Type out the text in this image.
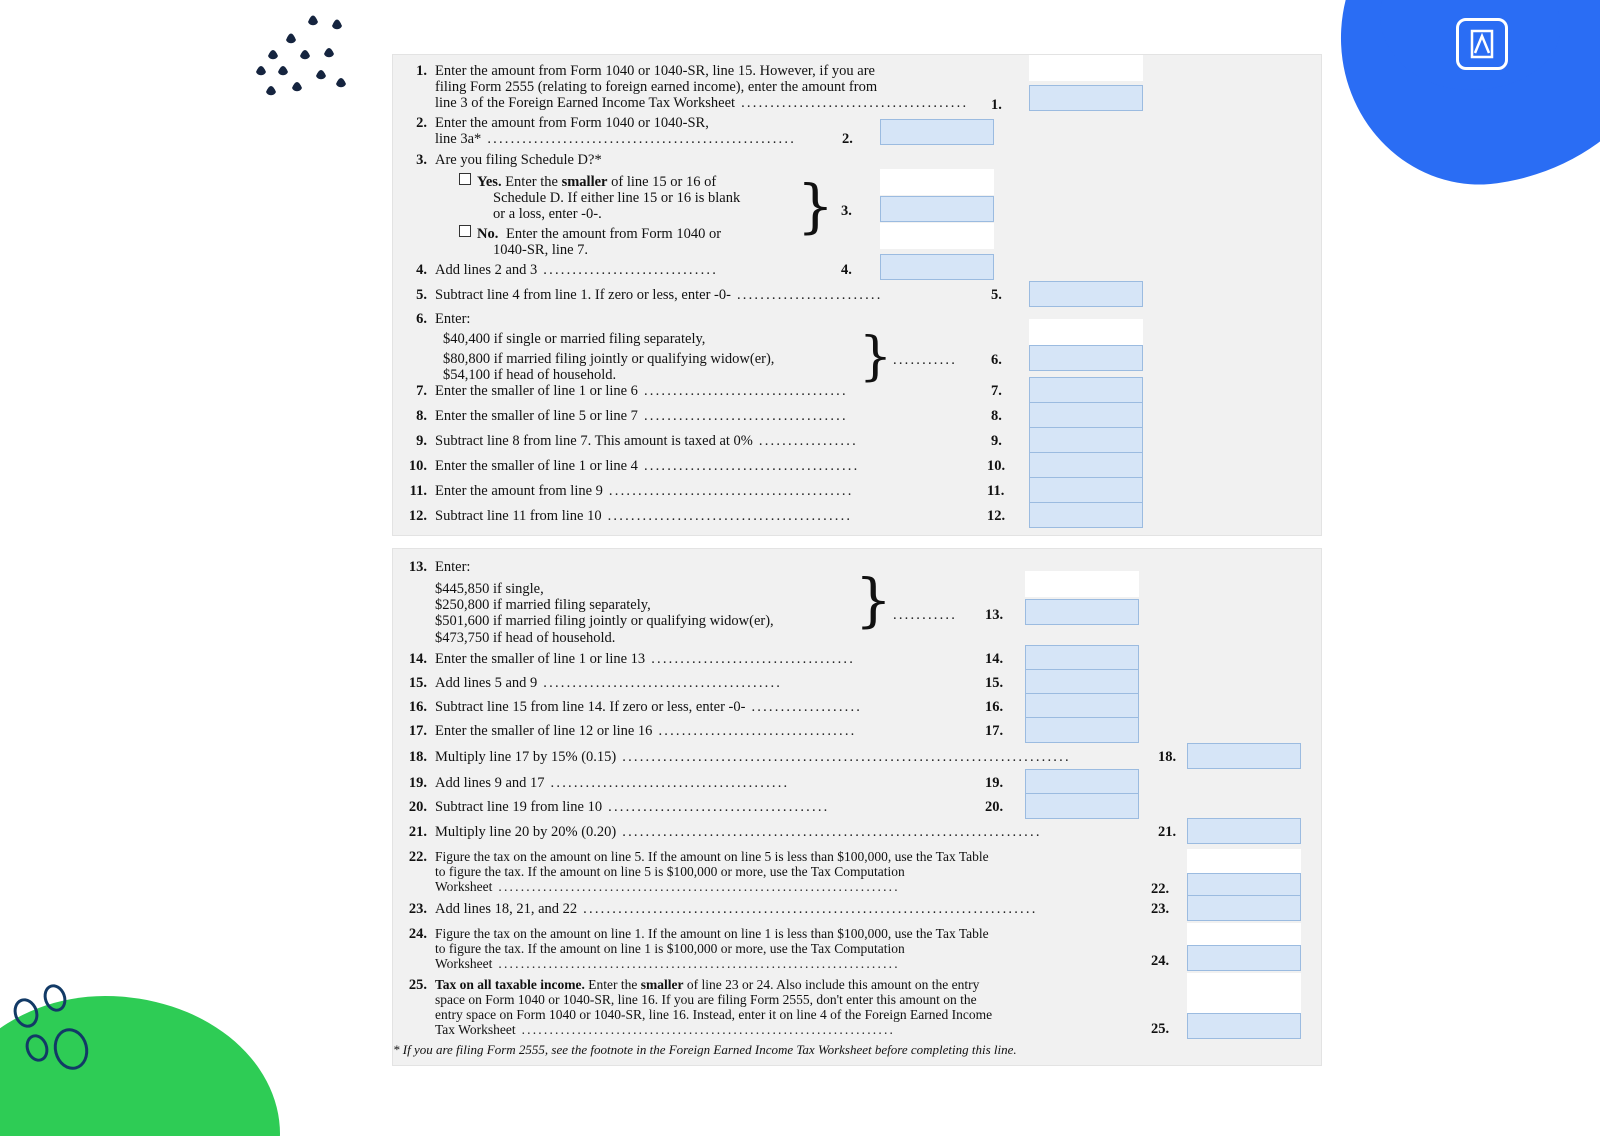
1. Enter the amount from Form 1040 or 1040-SR, line 15. However, if you are
filing Form 2555 (relating to foreign earned income), enter the amount from
line 3 of the Foreign Earned Income Tax Worksheet .......................................	1.
2. Enter the amount from Form 1040 or 1040-SR,
line 3a* .....................................................	2.
3. Are you filing Schedule D?*
Yes. Enter the smaller of line 15 or 16 of
Schedule D. If either line 15 or 16 is blank
or a loss, enter -0-.
No. Enter the amount from Form 1040 or
1040-SR, line 7.
} 3.
4. Add lines 2 and 3 ..............................	4.
5. Subtract line 4 from line 1. If zero or less, enter -0- .........................	5.
6. Enter:
$40,400 if single or married filing separately,
$80,800 if married filing jointly or qualifying widow(er),
$54,100 if head of household.	} ...........	6.
7. Enter the smaller of line 1 or line 6 ...................................	7.
8. Enter the smaller of line 5 or line 7 ...................................	8.
9. Subtract line 8 from line 7. This amount is taxed at 0% .................	9.
10. Enter the smaller of line 1 or line 4 .....................................	10.
11. Enter the amount from line 9 ..........................................	11.
12. Subtract line 11 from line 10 ..........................................	12.
13. Enter:
$445,850 if single,
$250,800 if married filing separately,
$501,600 if married filing jointly or qualifying widow(er),
$473,750 if head of household.
} ...........	13.
14. Enter the smaller of line 1 or line 13 ...................................	14.
15. Add lines 5 and 9 .........................................	15.
16. Subtract line 15 from line 14. If zero or less, enter -0- ...................	16.
17. Enter the smaller of line 12 or line 16 ..................................	17.
18. Multiply line 17 by 15% (0.15) .............................................................................	18.
19. Add lines 9 and 17 .........................................	19.
20. Subtract line 19 from line 10 ......................................	20.
21. Multiply line 20 by 20% (0.20) ........................................................................	21.
22. Figure the tax on the amount on line 5. If the amount on line 5 is less than $100,000, use the Tax Table
to figure the tax. If the amount on line 5 is $100,000 or more, use the Tax Computation
Worksheet ........................................................................	22.
23. Add lines 18, 21, and 22 ..............................................................................	23.
24. Figure the tax on the amount on line 1. If the amount on line 1 is less than $100,000, use the Tax Table
to figure the tax. If the amount on line 1 is $100,000 or more, use the Tax Computation
Worksheet ........................................................................	24.
25. Tax on all taxable income. Enter the smaller of line 23 or 24. Also include this amount on the entry
space on Form 1040 or 1040-SR, line 16. If you are filing Form 2555, don't enter this amount on the
entry space on Form 1040 or 1040-SR, line 16. Instead, enter it on line 4 of the Foreign Earned Income
Tax Worksheet ...................................................................	25.
* If you are filing Form 2555, see the footnote in the Foreign Earned Income Tax Worksheet before completing this line.
